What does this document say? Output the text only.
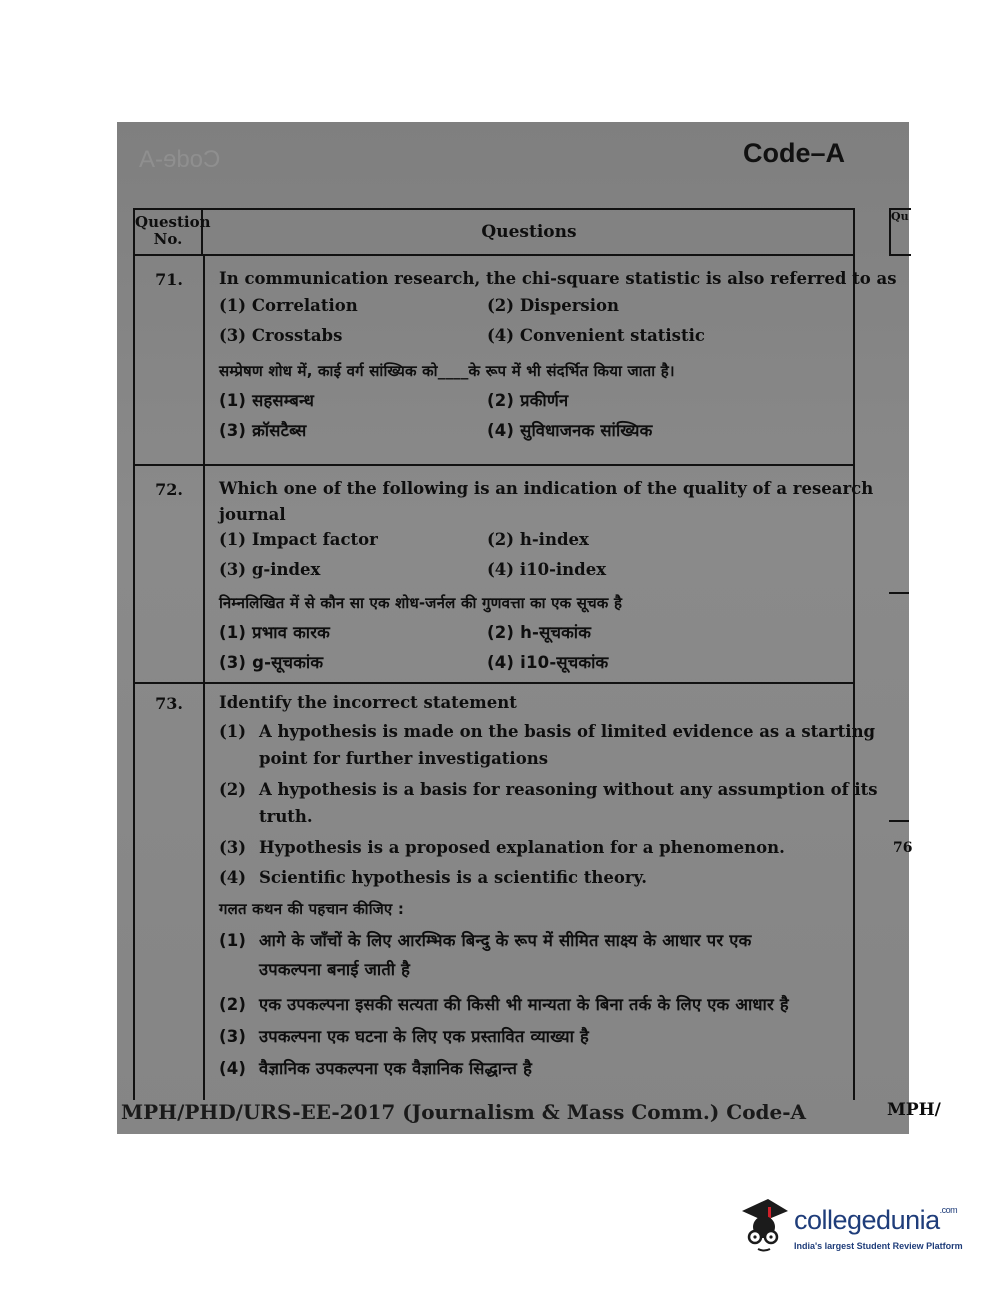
Code-A	Code–A
Question
No.	Questions
71.	In communication research, the chi-square statistic is also referred to as
(1) Correlation	(2) Dispersion
(3) Crosstabs	(4) Convenient statistic
सम्प्रेषण शोध में, काई वर्ग सांख्यिक को____के रूप में भी संदर्भित किया जाता है।
(1) सहसम्बन्ध	(2) प्रकीर्णन
(3) क्रॉसटैब्स	(4) सुविधाजनक सांख्यिक
72.	Which one of the following is an indication of the quality of a research
journal
(1) Impact factor	(2) h-index
(3) g-index	(4) i10-index
निम्नलिखित में से कौन सा एक शोध-जर्नल की गुणवत्ता का एक सूचक है
(1) प्रभाव कारक	(2) h-सूचकांक
(3) g-सूचकांक	(4) i10-सूचकांक
73.	Identify the incorrect statement
(1) A hypothesis is made on the basis of limited evidence as a starting
point for further investigations
(2) A hypothesis is a basis for reasoning without any assumption of its
truth.
(3) Hypothesis is a proposed explanation for a phenomenon.
(4) Scientific hypothesis is a scientific theory.
गलत कथन की पहचान कीजिए :
(1) आगे के जाँचों के लिए आरम्भिक बिन्दु के रूप में सीमित साक्ष्य के आधार पर एक
उपकल्पना बनाई जाती है
(2) एक उपकल्पना इसकी सत्यता की किसी भी मान्यता के बिना तर्क के लिए एक आधार है
(3) उपकल्पना एक घटना के लिए एक प्रस्तावित व्याख्या है
(4) वैज्ञानिक उपकल्पना एक वैज्ञानिक सिद्धान्त है
Qu
76
MPH/
MPH/PHD/URS-EE-2017 (Journalism & Mass Comm.) Code-A
collegedunia$^{.com}$
India's largest Student Review Platform
